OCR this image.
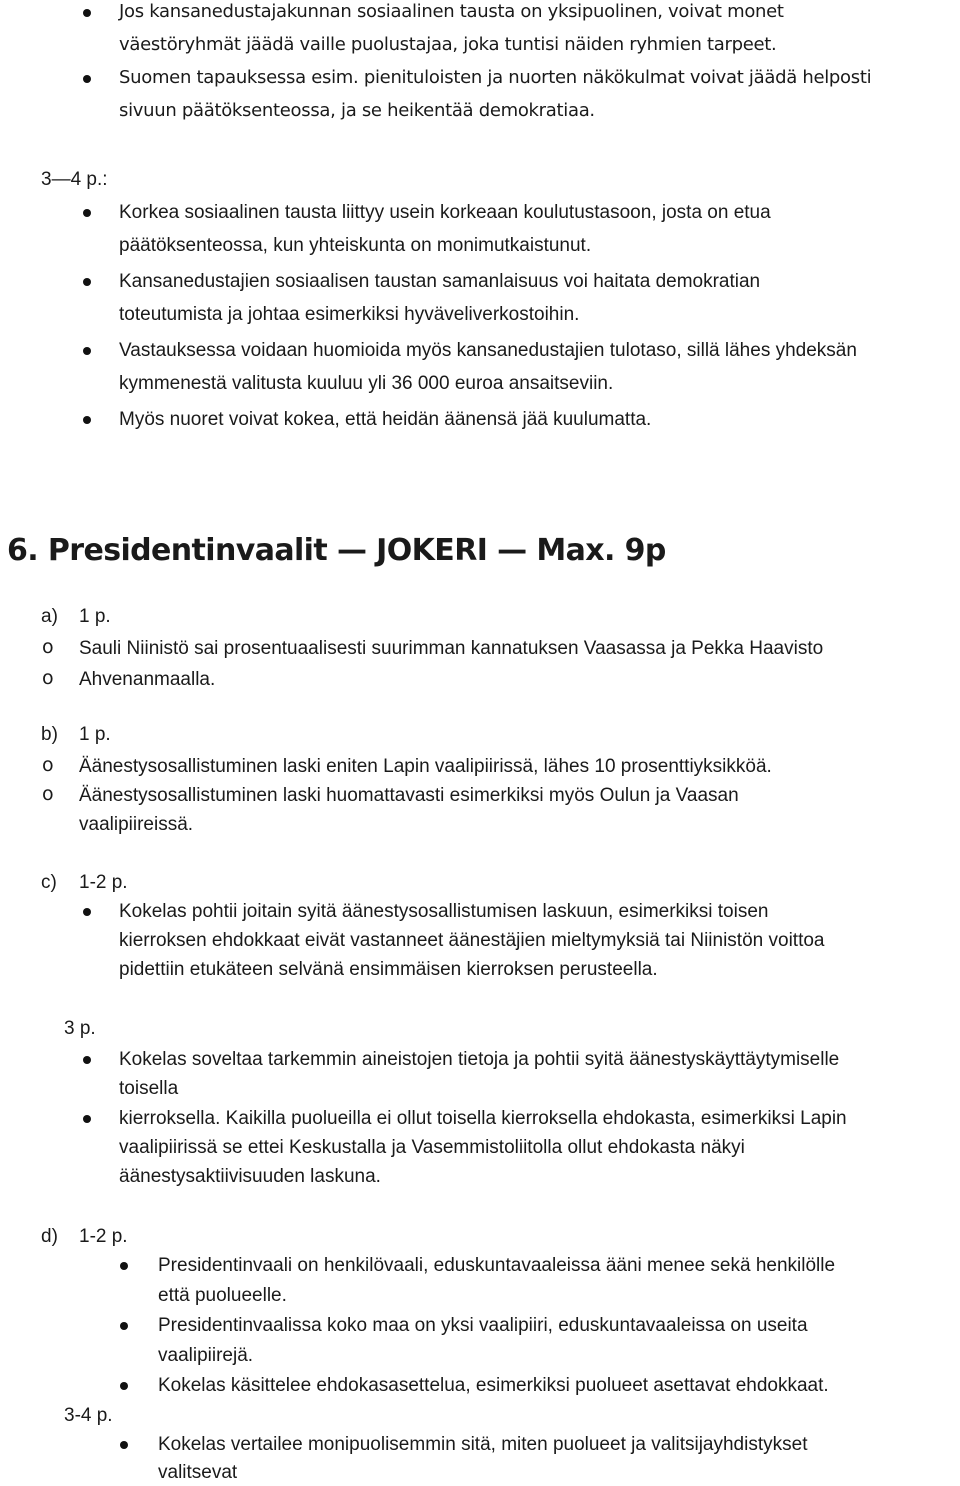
Jos kansanedustajakunnan sosiaalinen tausta on yksipuolinen, voivat monet
väestöryhmät jäädä vaille puolustajaa, joka tuntisi näiden ryhmien tarpeet.
Suomen tapauksessa esim. pienituloisten ja nuorten näkökulmat voivat jäädä helposti
sivuun päätöksenteossa, ja se heikentää demokratiaa.
3—4 p.:
Korkea sosiaalinen tausta liittyy usein korkeaan koulutustasoon, josta on etua
päätöksenteossa, kun yhteiskunta on monimutkaistunut.
Kansanedustajien sosiaalisen taustan samanlaisuus voi haitata demokratian
toteutumista ja johtaa esimerkiksi hyväveliverkostoihin.
Vastauksessa voidaan huomioida myös kansanedustajien tulotaso, sillä lähes yhdeksän
kymmenestä valitusta kuuluu yli 36 000 euroa ansaitseviin.
Myös nuoret voivat kokea, että heidän äänensä jää kuulumatta.
6. Presidentinvaalit — JOKERI — Max. 9p
a) 1 p.
o Sauli Niinistö sai prosentuaalisesti suurimman kannatuksen Vaasassa ja Pekka Haavisto
o Ahvenanmaalla.
b) 1 p.
o Äänestysosallistuminen laski eniten Lapin vaalipiirissä, lähes 10 prosenttiyksikköä.
o Äänestysosallistuminen laski huomattavasti esimerkiksi myös Oulun ja Vaasan
vaalipiireissä.
c) 1-2 p.
Kokelas pohtii joitain syitä äänestysosallistumisen laskuun, esimerkiksi toisen
kierroksen ehdokkaat eivät vastanneet äänestäjien mieltymyksiä tai Niinistön voittoa
pidettiin etukäteen selvänä ensimmäisen kierroksen perusteella.
3 p.
Kokelas soveltaa tarkemmin aineistojen tietoja ja pohtii syitä äänestyskäyttäytymiselle
toisella
kierroksella. Kaikilla puolueilla ei ollut toisella kierroksella ehdokasta, esimerkiksi Lapin
vaalipiirissä se ettei Keskustalla ja Vasemmistoliitolla ollut ehdokasta näkyi
äänestysaktiivisuuden laskuna.
d) 1-2 p.
Presidentinvaali on henkilövaali, eduskuntavaaleissa ääni menee sekä henkilölle
että puolueelle.
Presidentinvaalissa koko maa on yksi vaalipiiri, eduskuntavaaleissa on useita
vaalipiirejä.
Kokelas käsittelee ehdokasasettelua, esimerkiksi puolueet asettavat ehdokkaat.
3-4 p.
Kokelas vertailee monipuolisemmin sitä, miten puolueet ja valitsijayhdistykset
valitsevat
